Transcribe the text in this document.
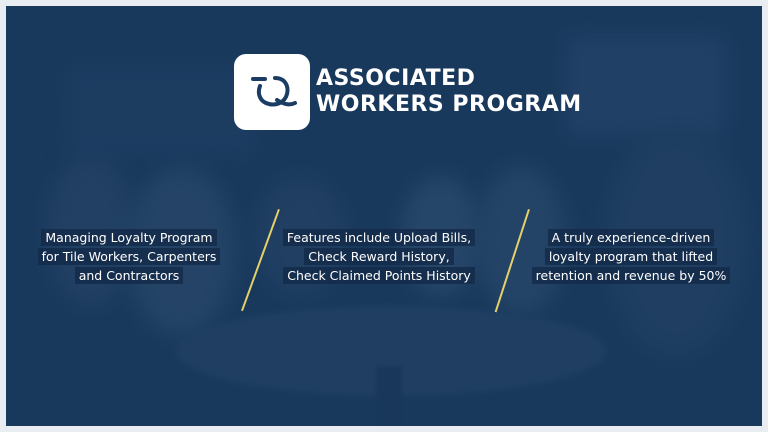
ASSOCIATED
WORKERS PROGRAM
Managing Loyalty Program
for Tile Workers, Carpenters
and Contractors
Features include Upload Bills,
Check Reward History,
Check Claimed Points History
A truly experience-driven
loyalty program that lifted
retention and revenue by 50%
